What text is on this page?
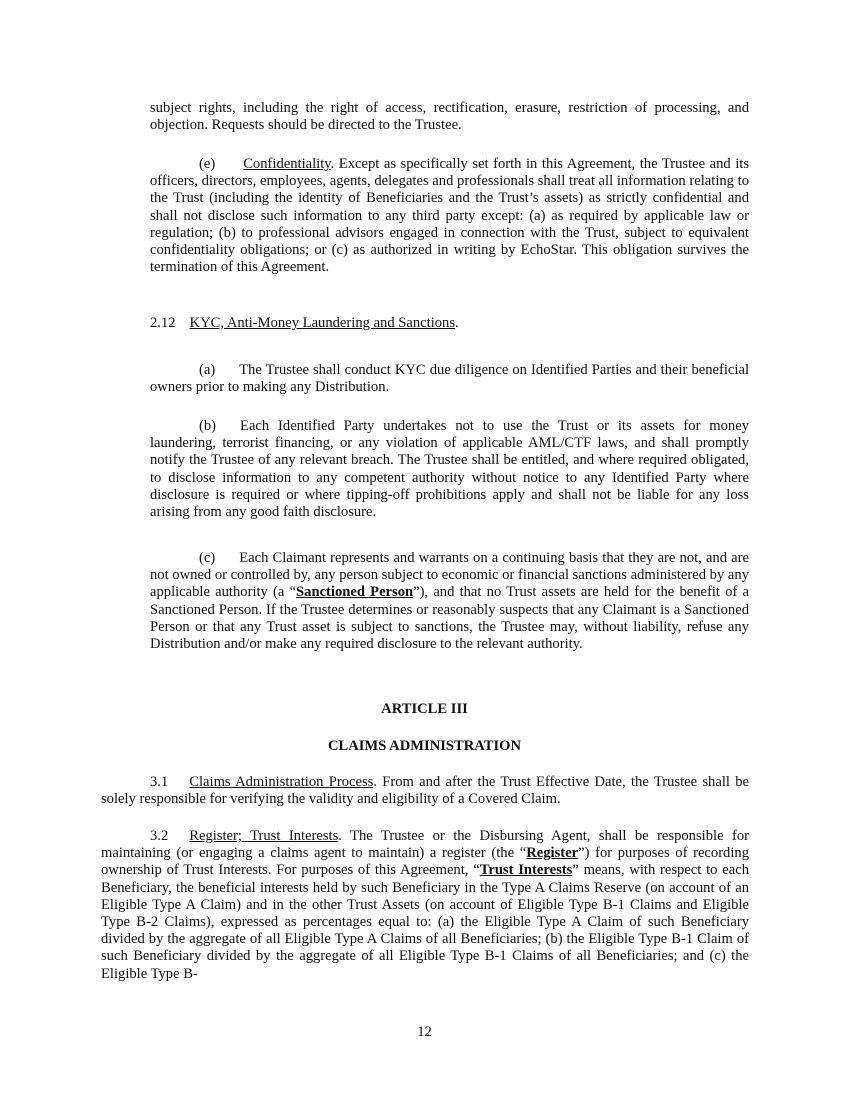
subject rights, including the right of access, rectification, erasure, restriction of processing, and objection. Requests should be directed to the Trustee.

(e) Confidentiality. Except as specifically set forth in this Agreement, the Trustee and its officers, directors, employees, agents, delegates and professionals shall treat all information relating to the Trust (including the identity of Beneficiaries and the Trust’s assets) as strictly confidential and shall not disclose such information to any third party except: (a) as required by applicable law or regulation; (b) to professional advisors engaged in connection with the Trust, subject to equivalent confidentiality obligations; or (c) as authorized in writing by EchoStar. This obligation survives the termination of this Agreement.

2.12 KYC, Anti-Money Laundering and Sanctions.

(a) The Trustee shall conduct KYC due diligence on Identified Parties and their beneficial owners prior to making any Distribution.

(b) Each Identified Party undertakes not to use the Trust or its assets for money laundering, terrorist financing, or any violation of applicable AML/CTF laws, and shall promptly notify the Trustee of any relevant breach. The Trustee shall be entitled, and where required obligated, to disclose information to any competent authority without notice to any Identified Party where disclosure is required or where tipping-off prohibitions apply and shall not be liable for any loss arising from any good faith disclosure.

(c) Each Claimant represents and warrants on a continuing basis that they are not, and are not owned or controlled by, any person subject to economic or financial sanctions administered by any applicable authority (a “Sanctioned Person”), and that no Trust assets are held for the benefit of a Sanctioned Person. If the Trustee determines or reasonably suspects that any Claimant is a Sanctioned Person or that any Trust asset is subject to sanctions, the Trustee may, without liability, refuse any Distribution and/or make any required disclosure to the relevant authority.

ARTICLE III
CLAIMS ADMINISTRATION

3.1 Claims Administration Process. From and after the Trust Effective Date, the Trustee shall be solely responsible for verifying the validity and eligibility of a Covered Claim.

3.2 Register; Trust Interests. The Trustee or the Disbursing Agent, shall be responsible for maintaining (or engaging a claims agent to maintain) a register (the “Register”) for purposes of recording ownership of Trust Interests. For purposes of this Agreement, “Trust Interests” means, with respect to each Beneficiary, the beneficial interests held by such Beneficiary in the Type A Claims Reserve (on account of an Eligible Type A Claim) and in the other Trust Assets (on account of Eligible Type B-1 Claims and Eligible Type B-2 Claims), expressed as percentages equal to: (a) the Eligible Type A Claim of such Beneficiary divided by the aggregate of all Eligible Type A Claims of all Beneficiaries; (b) the Eligible Type B-1 Claim of such Beneficiary divided by the aggregate of all Eligible Type B-1 Claims of all Beneficiaries; and (c) the Eligible Type B-

12
